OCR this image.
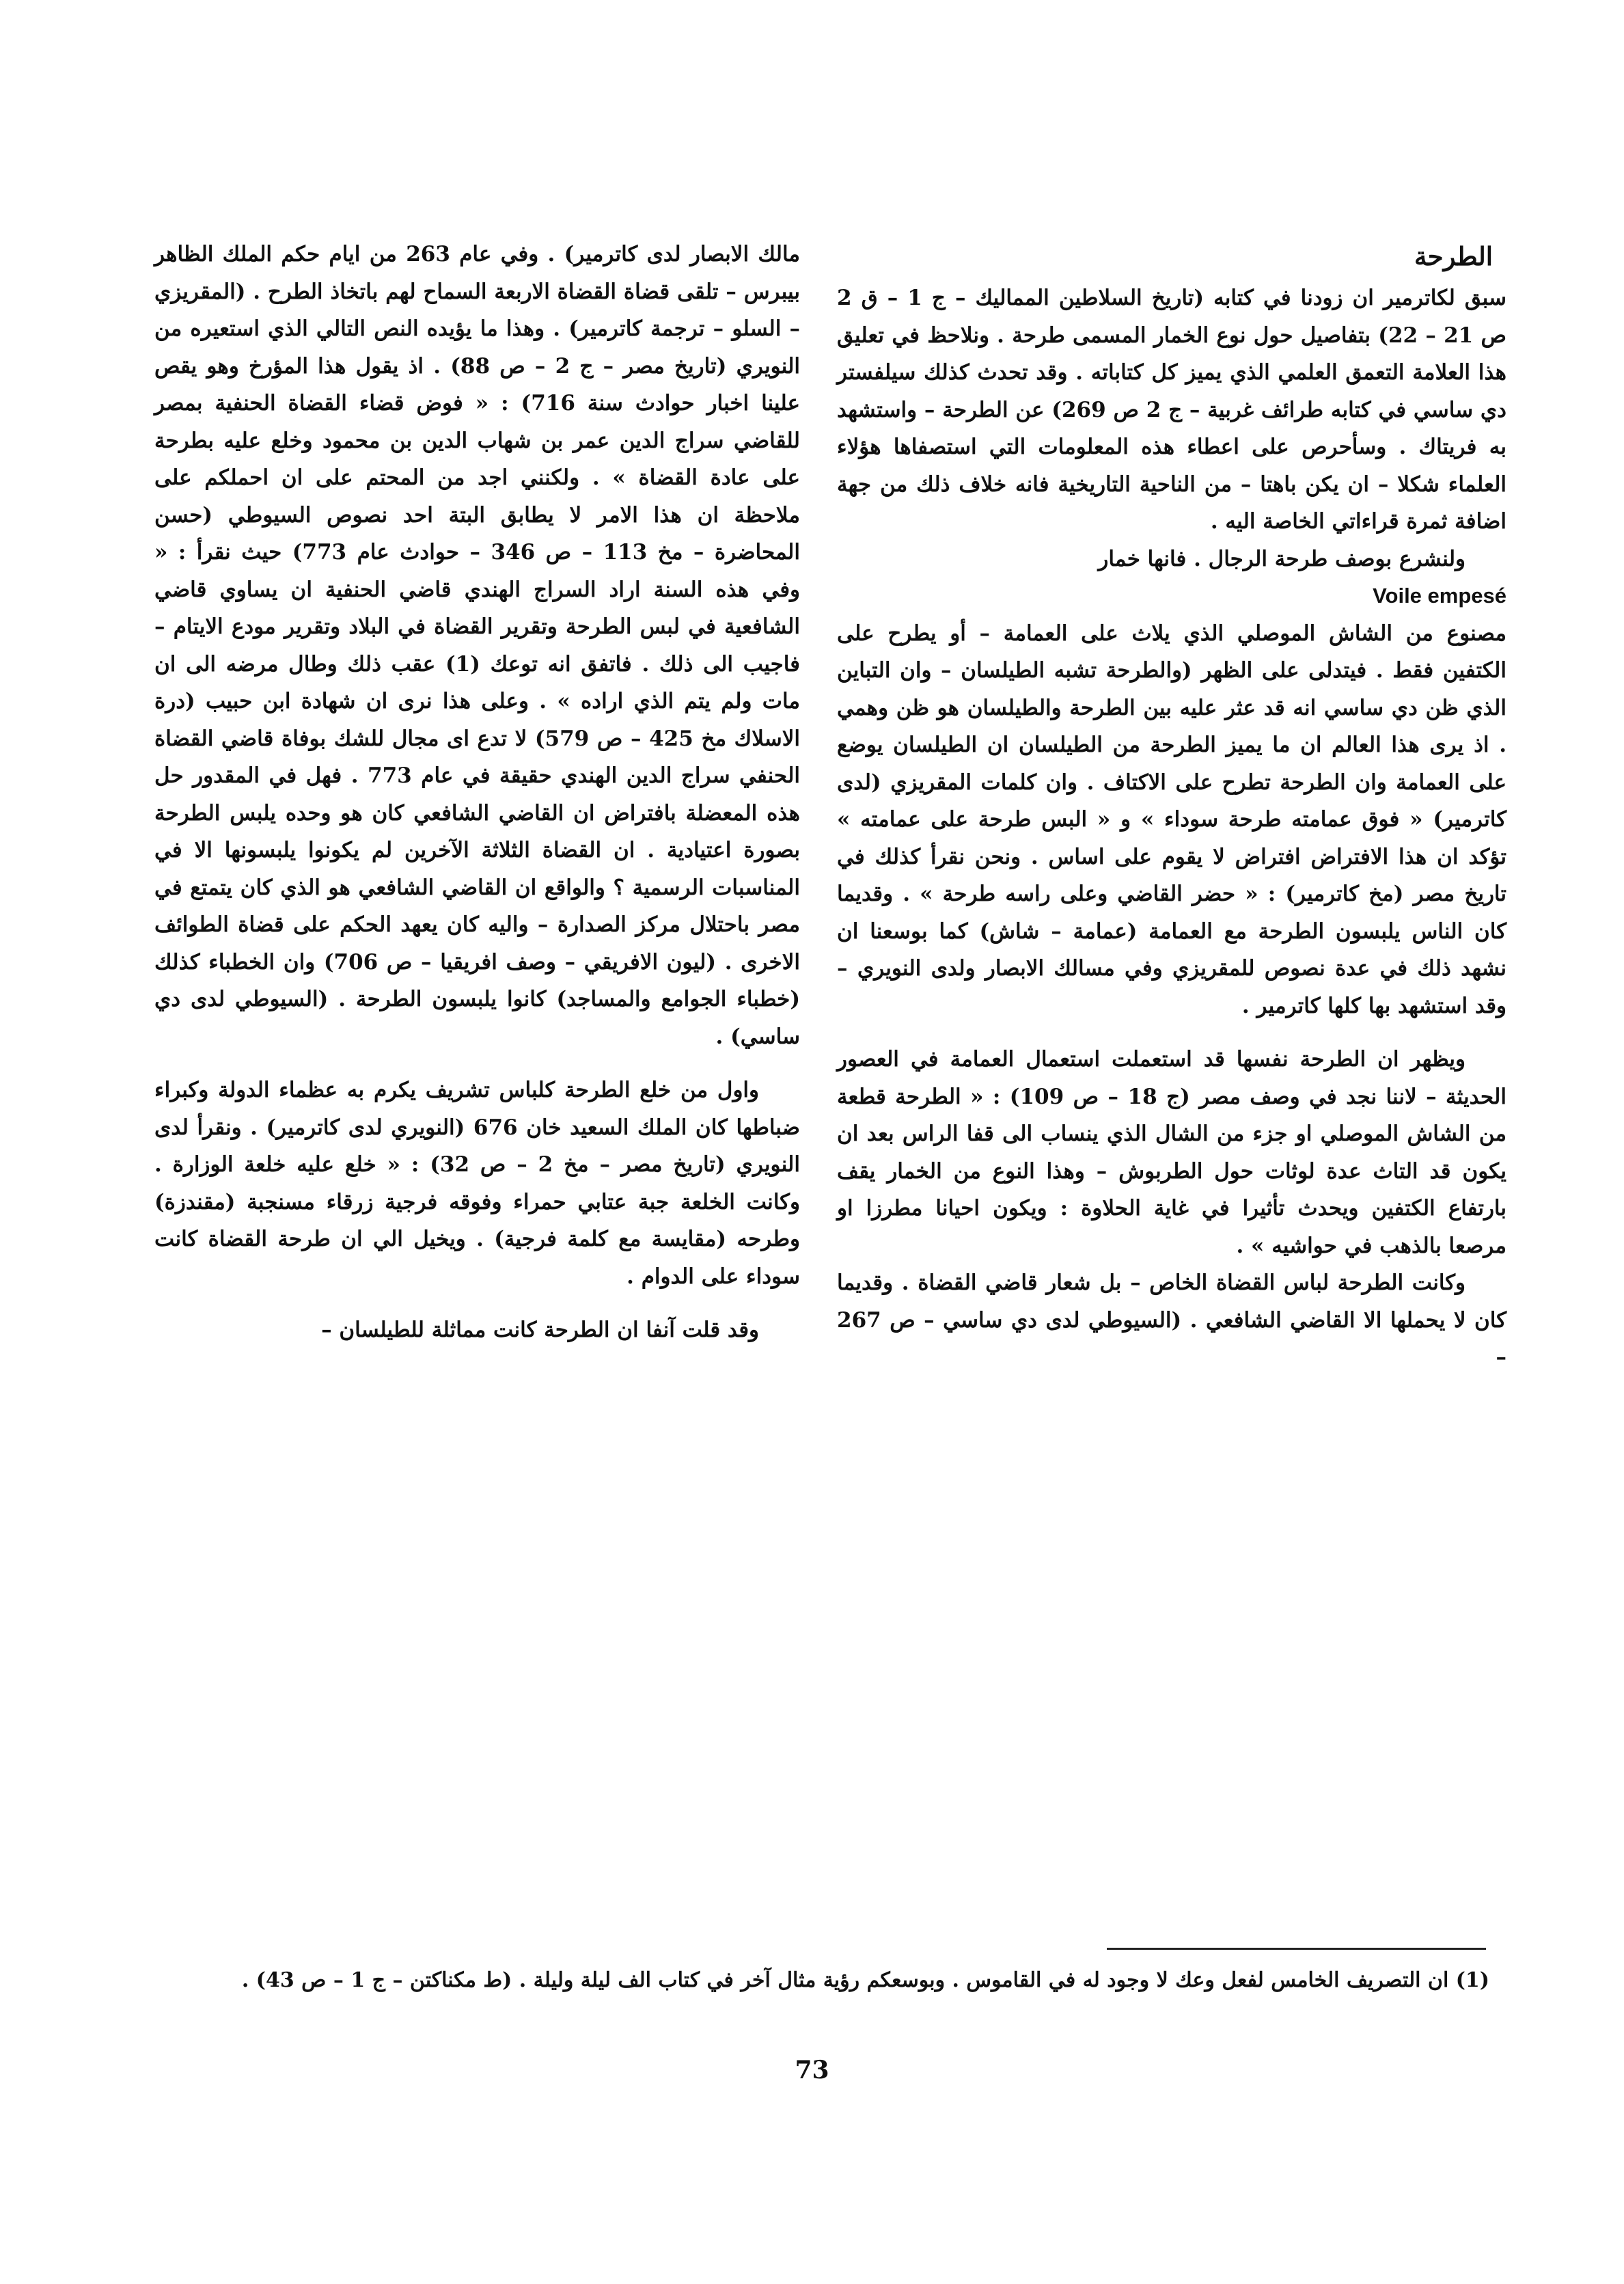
الطرحة

سبق لكاترمير ان زودنا في كتابه (تاريخ السلاطين المماليك – ج 1 – ق 2 ص 21 – 22) بتفاصيل حول نوع الخمار المسمى طرحة . ونلاحظ في تعليق هذا العلامة التعمق العلمي الذي يميز كل كتاباته . وقد تحدث كذلك سيلفستر دي ساسي في كتابه طرائف غربية – ج 2 ص 269) عن الطرحة – واستشهد به فريتاك . وسأحرص على اعطاء هذه المعلومات التي استصفاها هؤلاء العلماء شكلا – ان يكن باهتا – من الناحية التاريخية فانه خلاف ذلك من جهة اضافة ثمرة قراءاتي الخاصة اليه .

ولنشرع بوصف طرحة الرجال . فانها خمار

Voile empesé

مصنوع من الشاش الموصلي الذي يلاث على العمامة – أو يطرح على الكتفين فقط . فيتدلى على الظهر (والطرحة تشبه الطيلسان – وان التباين الذي ظن دي ساسي انه قد عثر عليه بين الطرحة والطيلسان هو ظن وهمي . اذ يرى هذا العالم ان ما يميز الطرحة من الطيلسان ان الطيلسان يوضع على العمامة وان الطرحة تطرح على الاكتاف . وان كلمات المقريزي (لدى كاترمير) « فوق عمامته طرحة سوداء » و « البس طرحة على عمامته » تؤكد ان هذا الافتراض افتراض لا يقوم على اساس . ونحن نقرأ كذلك في تاريخ مصر (مخ كاترمير) : « حضر القاضي وعلى راسه طرحة » . وقديما كان الناس يلبسون الطرحة مع العمامة (عمامة – شاش) كما بوسعنا ان نشهد ذلك في عدة نصوص للمقريزي وفي مسالك الابصار ولدى النويري – وقد استشهد بها كلها كاترمير .

ويظهر ان الطرحة نفسها قد استعملت استعمال العمامة في العصور الحديثة – لاننا نجد في وصف مصر (ج 18 – ص 109) : « الطرحة قطعة من الشاش الموصلي او جزء من الشال الذي ينساب الى قفا الراس بعد ان يكون قد التاث عدة لوثات حول الطربوش – وهذا النوع من الخمار يقف بارتفاع الكتفين ويحدث تأثيرا في غاية الحلاوة : ويكون احيانا مطرزا او مرصعا بالذهب في حواشيه » .

وكانت الطرحة لباس القضاة الخاص – بل شعار قاضي القضاة . وقديما كان لا يحملها الا القاضي الشافعي . (السيوطي لدى دي ساسي – ص 267 –

مالك الابصار لدى كاترمير) . وفي عام 263 من ايام حكم الملك الظاهر بيبرس – تلقى قضاة القضاة الاربعة السماح لهم باتخاذ الطرح . (المقريزي – السلو – ترجمة كاترمير) . وهذا ما يؤيده النص التالي الذي استعيره من النويري (تاريخ مصر – ج 2 – ص 88) . اذ يقول هذا المؤرخ وهو يقص علينا اخبار حوادث سنة 716) : « فوض قضاء القضاة الحنفية بمصر للقاضي سراج الدين عمر بن شهاب الدين بن محمود وخلع عليه بطرحة على عادة القضاة » . ولكنني اجد من المحتم على ان احملكم على ملاحظة ان هذا الامر لا يطابق البتة احد نصوص السيوطي (حسن المحاضرة – مخ 113 – ص 346 – حوادث عام 773) حيث نقرأ : « وفي هذه السنة اراد السراج الهندي قاضي الحنفية ان يساوي قاضي الشافعية في لبس الطرحة وتقرير القضاة في البلاد وتقرير مودع الايتام – فاجيب الى ذلك . فاتفق انه توعك (1) عقب ذلك وطال مرضه الى ان مات ولم يتم الذي اراده » . وعلى هذا نرى ان شهادة ابن حبيب (درة الاسلاك مخ 425 – ص 579) لا تدع اى مجال للشك بوفاة قاضي القضاة الحنفي سراج الدين الهندي حقيقة في عام 773 . فهل في المقدور حل هذه المعضلة بافتراض ان القاضي الشافعي كان هو وحده يلبس الطرحة بصورة اعتيادية . ان القضاة الثلاثة الآخرين لم يكونوا يلبسونها الا في المناسبات الرسمية ؟ والواقع ان القاضي الشافعي هو الذي كان يتمتع في مصر باحتلال مركز الصدارة – واليه كان يعهد الحكم على قضاة الطوائف الاخرى . (ليون الافريقي – وصف افريقيا – ص 706) وان الخطباء كذلك (خطباء الجوامع والمساجد) كانوا يلبسون الطرحة . (السيوطي لدى دي ساسي) .

واول من خلع الطرحة كلباس تشريف يكرم به عظماء الدولة وكبراء ضباطها كان الملك السعيد خان 676 (النويري لدى كاترمير) . ونقرأ لدى النويري (تاريخ مصر – مخ 2 – ص 32) : « خلع عليه خلعة الوزارة . وكانت الخلعة جبة عتابي حمراء وفوقه فرجية زرقاء مسنجبة (مقندزة) وطرحه (مقايسة مع كلمة فرجية) . ويخيل الي ان طرحة القضاة كانت سوداء على الدوام .

وقد قلت آنفا ان الطرحة كانت مماثلة للطيلسان –

(1) ان التصريف الخامس لفعل وعك لا وجود له في القاموس . وبوسعكم رؤية مثال آخر في كتاب الف ليلة وليلة . (ط مكناكتن – ج 1 – ص 43) .

73
